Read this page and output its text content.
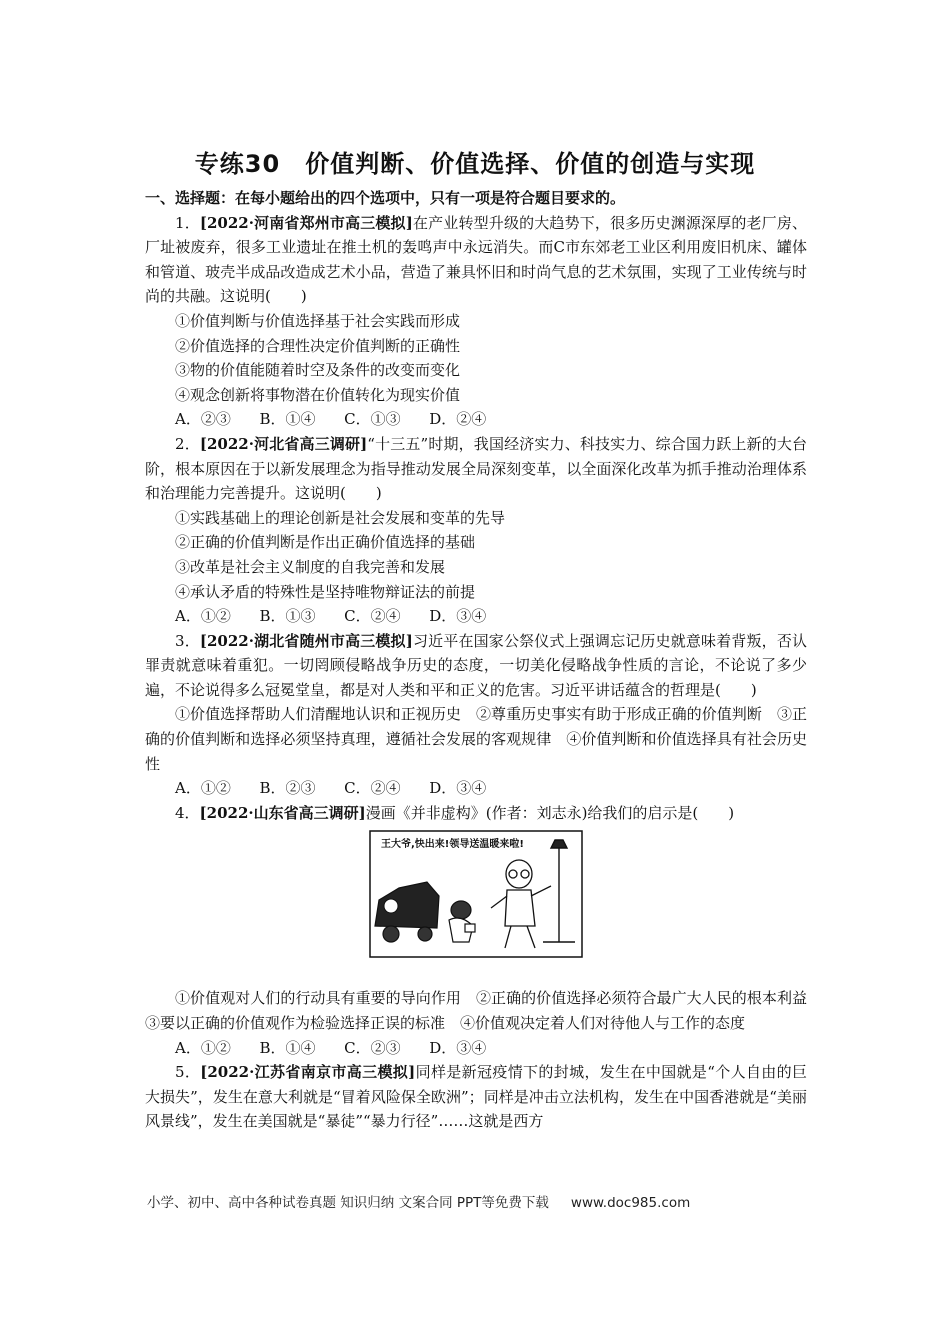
专练30　价值判断、价值选择、价值的创造与实现
一、选择题：在每小题给出的四个选项中，只有一项是符合题目要求的。

1．[2022·河南省郑州市高三模拟]在产业转型升级的大趋势下，很多历史渊源深厚的老厂房、厂址被废弃，很多工业遗址在推土机的轰鸣声中永远消失。而C市东郊老工业区利用废旧机床、罐体和管道、玻壳半成品改造成艺术小品，营造了兼具怀旧和时尚气息的艺术氛围，实现了工业传统与时尚的共融。这说明(　　)

①价值判断与价值选择基于社会实践而形成

②价值选择的合理性决定价值判断的正确性

③物的价值能随着时空及条件的改变而变化

④观念创新将事物潜在价值转化为现实价值

A．②③ B．①④ C．①③ D．②④

2．[2022·河北省高三调研]“十三五”时期，我国经济实力、科技实力、综合国力跃上新的大台阶，根本原因在于以新发展理念为指导推动发展全局深刻变革，以全面深化改革为抓手推动治理体系和治理能力完善提升。这说明(　　)

①实践基础上的理论创新是社会发展和变革的先导

②正确的价值判断是作出正确价值选择的基础

③改革是社会主义制度的自我完善和发展

④承认矛盾的特殊性是坚持唯物辩证法的前提

A．①② B．①③ C．②④ D．③④

3．[2022·湖北省随州市高三模拟]习近平在国家公祭仪式上强调忘记历史就意味着背叛，否认罪责就意味着重犯。一切罔顾侵略战争历史的态度，一切美化侵略战争性质的言论，不论说了多少遍，不论说得多么冠冕堂皇，都是对人类和平和正义的危害。习近平讲话蕴含的哲理是(　　)

①价值选择帮助人们清醒地认识和正视历史　②尊重历史事实有助于形成正确的价值判断　③正确的价值判断和选择必须坚持真理，遵循社会发展的客观规律　④价值判断和价值选择具有社会历史性

A．①② B．②③ C．②④ D．③④

4．[2022·山东省高三调研]漫画《并非虚构》(作者：刘志永)给我们的启示是(　　)

王大爷,快出来!领导送温暖来啦!

①价值观对人们的行动具有重要的导向作用　②正确的价值选择必须符合最广大人民的根本利益　③要以正确的价值观作为检验选择正误的标准　④价值观决定着人们对待他人与工作的态度

A．①② B．①④ C．②③ D．③④

5．[2022·江苏省南京市高三模拟]同样是新冠疫情下的封城，发生在中国就是“个人自由的巨大损失”，发生在意大利就是“冒着风险保全欧洲”；同样是冲击立法机构，发生在中国香港就是“美丽风景线”，发生在美国就是“暴徒”“暴力行径”……这就是西方

小学、初中、高中各种试卷真题 知识归纳 文案合同 PPT等免费下载 www.doc985.com
